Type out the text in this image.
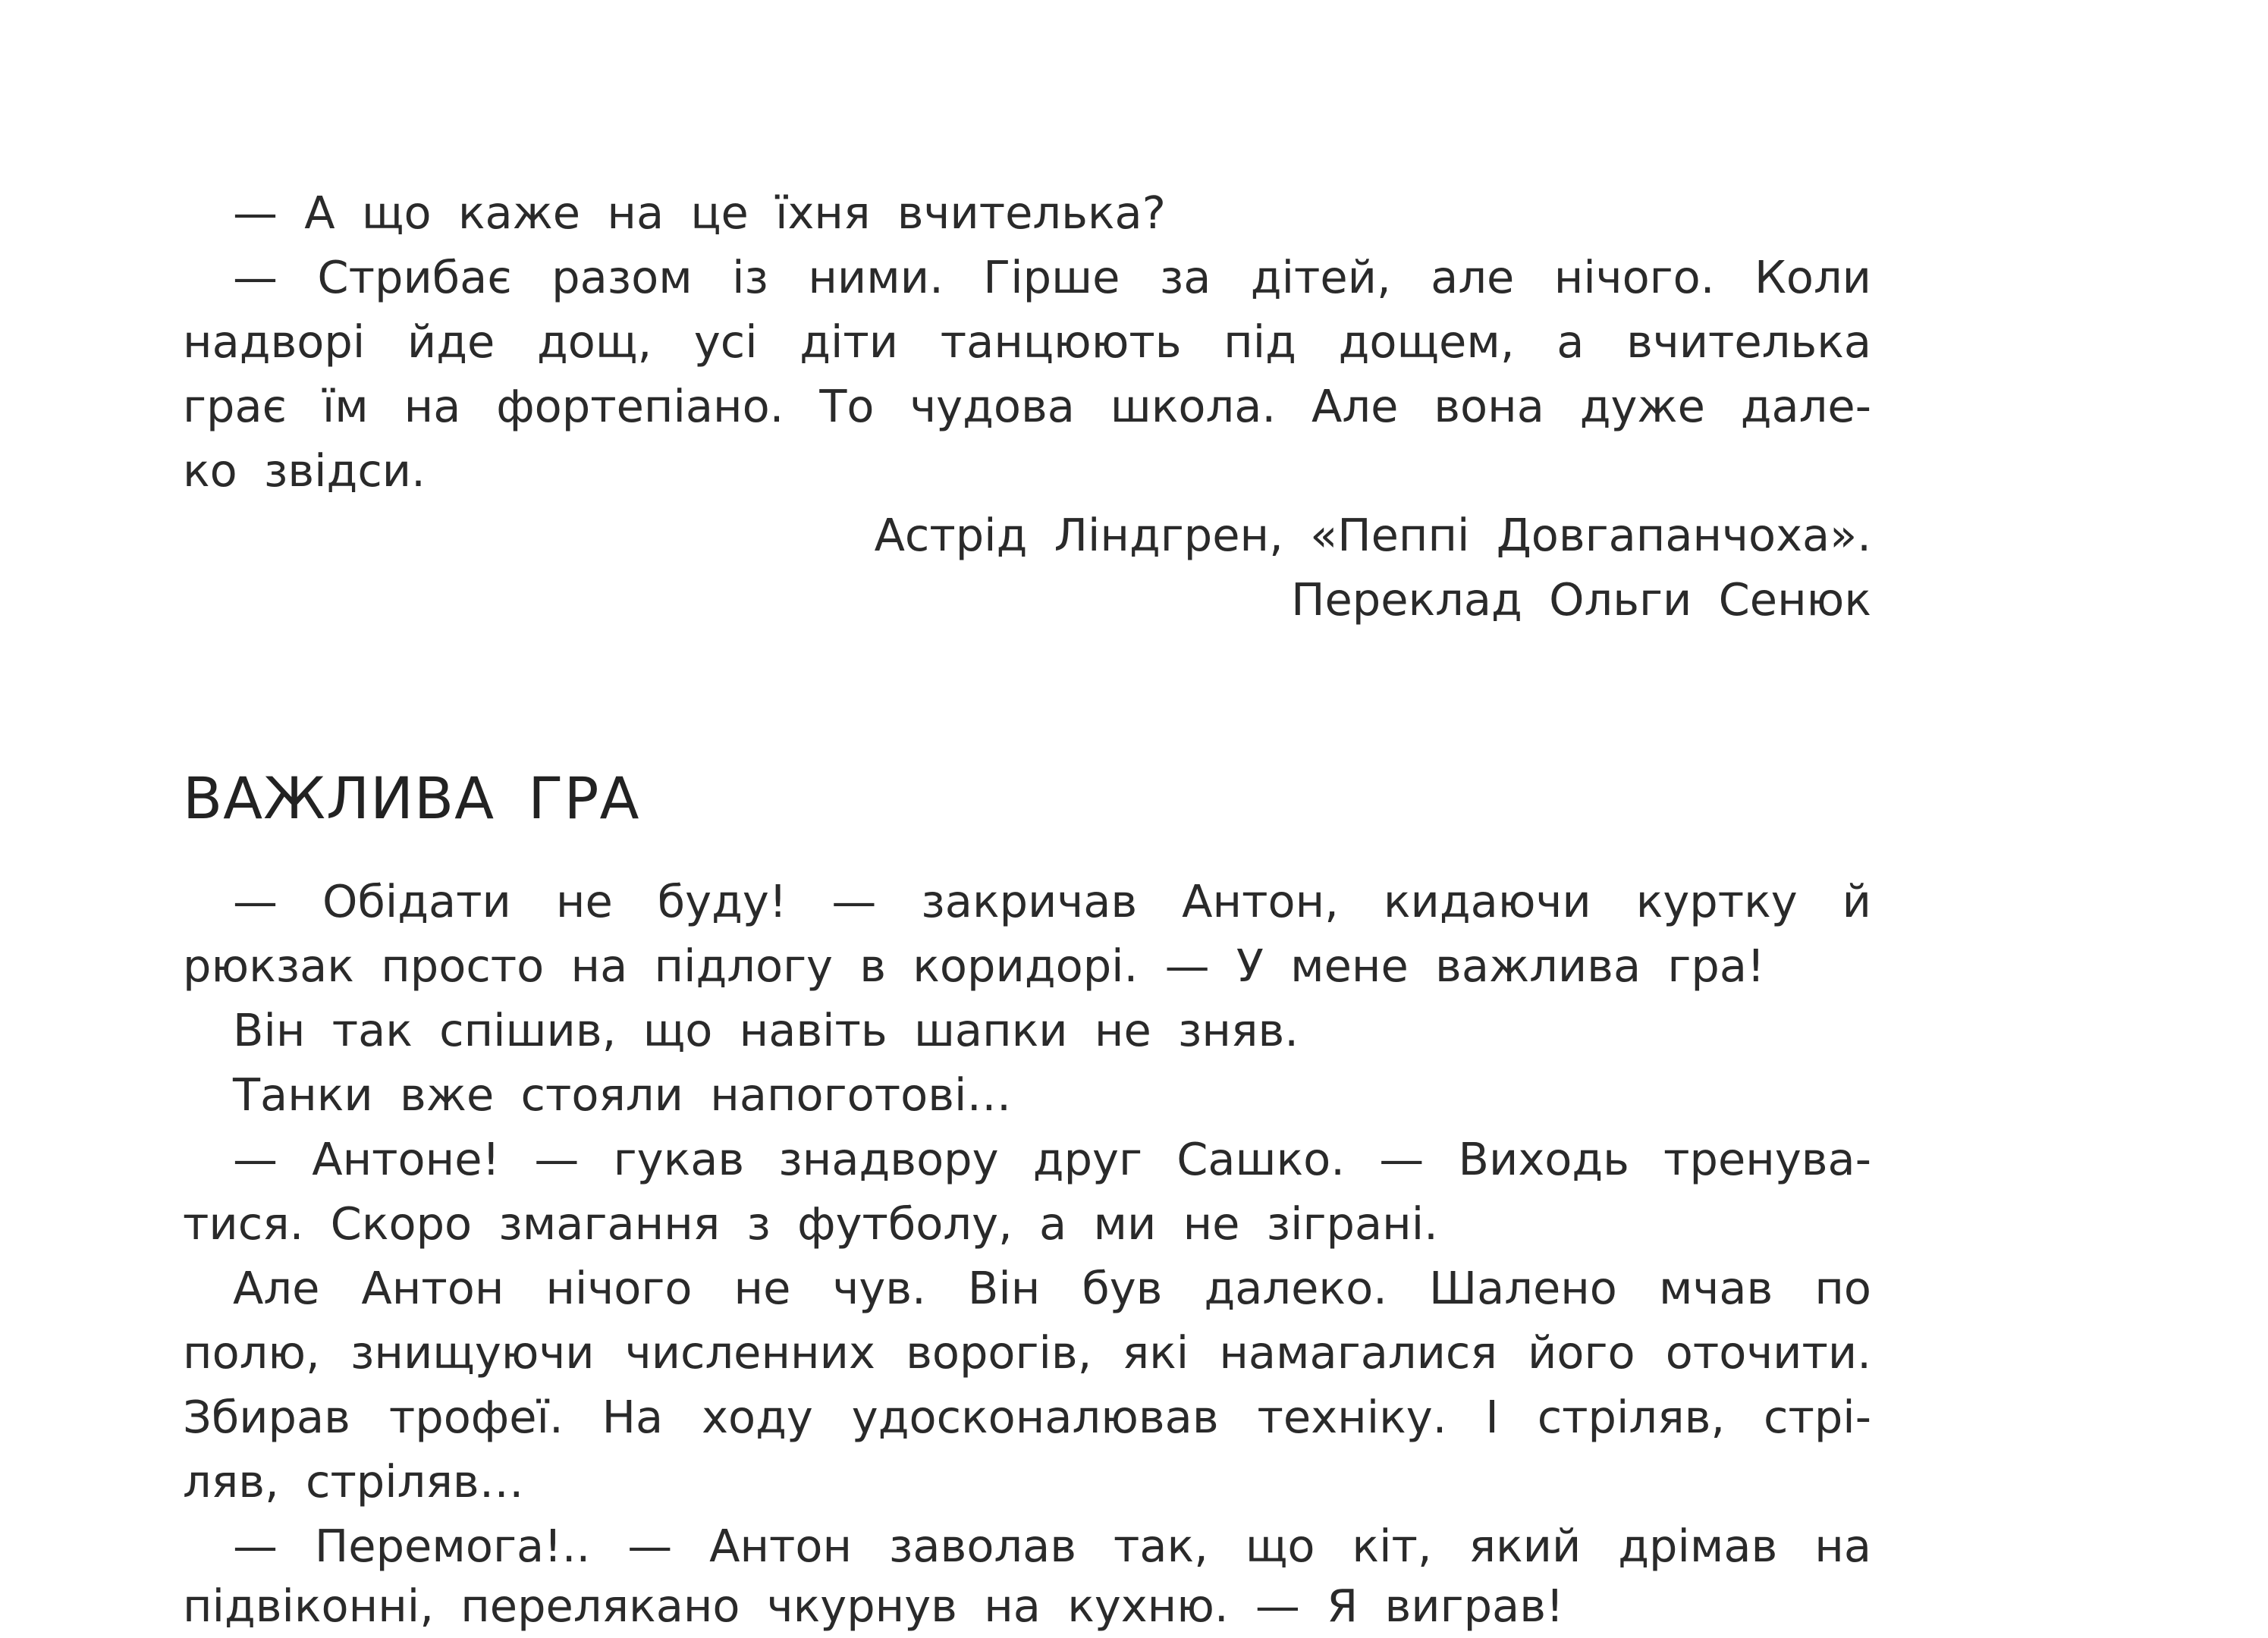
— А що каже на це їхня вчителька?
— Стрибає разом із ними. Гірше за дітей, але нічого. Коли
надворі йде дощ, усі діти танцюють під дощем, а вчителька
грає їм на фортепіано. То чудова школа. Але вона дуже дале-
ко звідси.
Астрід Ліндгрен, «Пеппі Довгапанчоха».
Переклад Ольги Сенюк
ВАЖЛИВА ГРА
— Обідати не буду! — закричав Антон, кидаючи куртку й
рюкзак просто на підлогу в коридорі. — У мене важлива гра!
Він так спішив, що навіть шапки не зняв.
Танки вже стояли напоготові…
— Антоне! — гукав знадвору друг Сашко. — Виходь тренува-
тися. Скоро змагання з футболу, а ми не зіграні.
Але Антон нічого не чув. Він був далеко. Шалено мчав по
полю, знищуючи численних ворогів, які намагалися його оточити.
Збирав трофеї. На ходу удосконалював техніку. І стріляв, стрі-
ляв, стріляв…
— Перемога!.. — Антон заволав так, що кіт, який дрімав на
підвіконні, перелякано чкурнув на кухню. — Я виграв!
